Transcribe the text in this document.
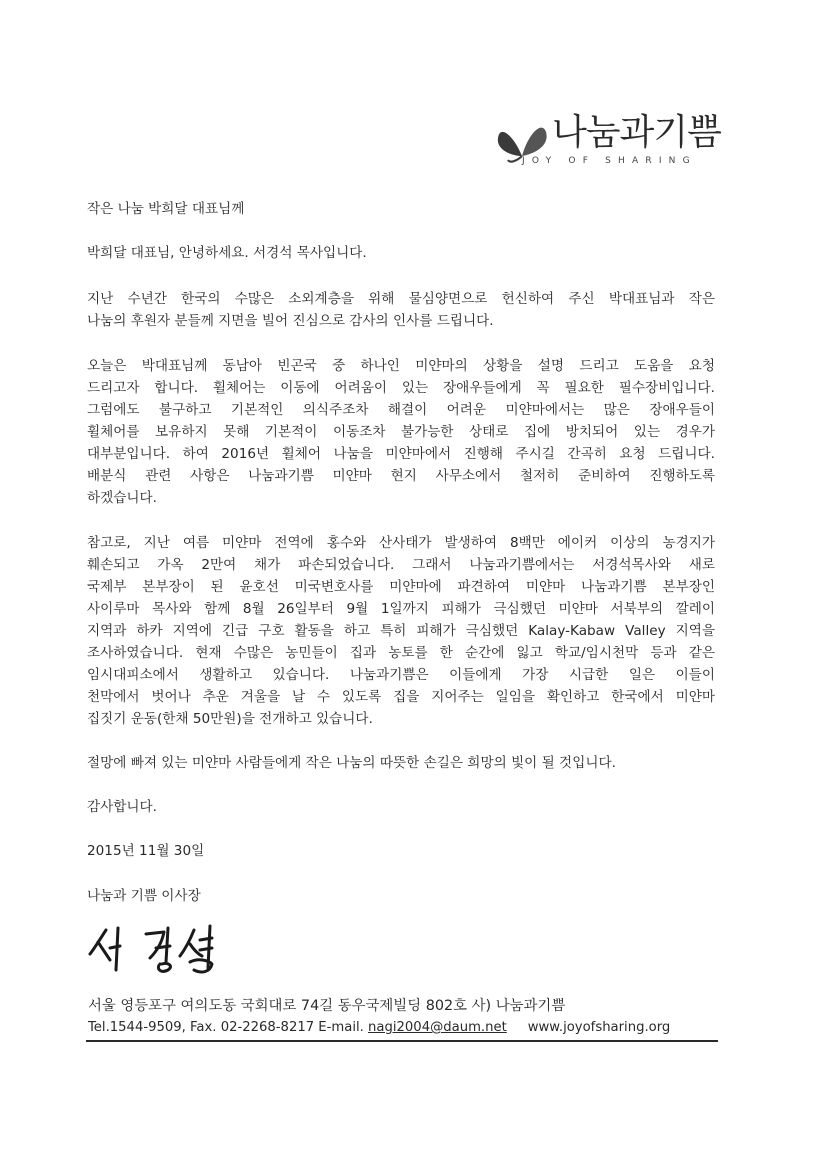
나눔과기쁨
JOY OF SHARING
작은 나눔 박희달 대표님께
박희달 대표님, 안녕하세요. 서경석 목사입니다.
지난 수년간 한국의 수많은 소외계층을 위해 물심양면으로 헌신하여 주신 박대표님과 작은
나눔의 후원자 분들께 지면을 빌어 진심으로 감사의 인사를 드립니다.
오늘은 박대표님께 동남아 빈곤국 중 하나인 미얀마의 상황을 설명 드리고 도움을 요청
드리고자 합니다. 휠체어는 이동에 어려움이 있는 장애우들에게 꼭 필요한 필수장비입니다.
그럼에도 불구하고 기본적인 의식주조차 해결이 어려운 미얀마에서는 많은 장애우들이
휠체어를 보유하지 못해 기본적이 이동조차 불가능한 상태로 집에 방치되어 있는 경우가
대부분입니다. 하여 2016년 휠체어 나눔을 미얀마에서 진행해 주시길 간곡히 요청 드립니다.
배분식 관련 사항은 나눔과기쁨 미얀마 현지 사무소에서 철저히 준비하여 진행하도록
하겠습니다.
참고로, 지난 여름 미얀마 전역에 홍수와 산사태가 발생하여 8백만 에이커 이상의 농경지가
훼손되고 가옥 2만여 채가 파손되었습니다. 그래서 나눔과기쁨에서는 서경석목사와 새로
국제부 본부장이 된 윤호선 미국변호사를 미얀마에 파견하여 미얀마 나눔과기쁨 본부장인
사이루마 목사와 함께 8월 26일부터 9월 1일까지 피해가 극심했던 미얀마 서북부의 깔레이
지역과 하카 지역에 긴급 구호 활동을 하고 특히 피해가 극심했던 Kalay-Kabaw Valley 지역을
조사하였습니다. 현재 수많은 농민들이 집과 농토를 한 순간에 잃고 학교/임시천막 등과 같은
임시대피소에서 생활하고 있습니다. 나눔과기쁨은 이들에게 가장 시급한 일은 이들이
천막에서 벗어나 추운 겨울을 날 수 있도록 집을 지어주는 일임을 확인하고 한국에서 미얀마
집짓기 운동(한채 50만원)을 전개하고 있습니다.
절망에 빠져 있는 미얀마 사람들에게 작은 나눔의 따뜻한 손길은 희망의 빛이 될 것입니다.
감사합니다.
2015년 11월 30일
나눔과 기쁨 이사장
서울 영등포구 여의도동 국회대로 74길 동우국제빌딩 802호 사) 나눔과기쁨
Tel.1544-9509, Fax. 02-2268-8217 E-mail. nagi2004@daum.net www.joyofsharing.org
